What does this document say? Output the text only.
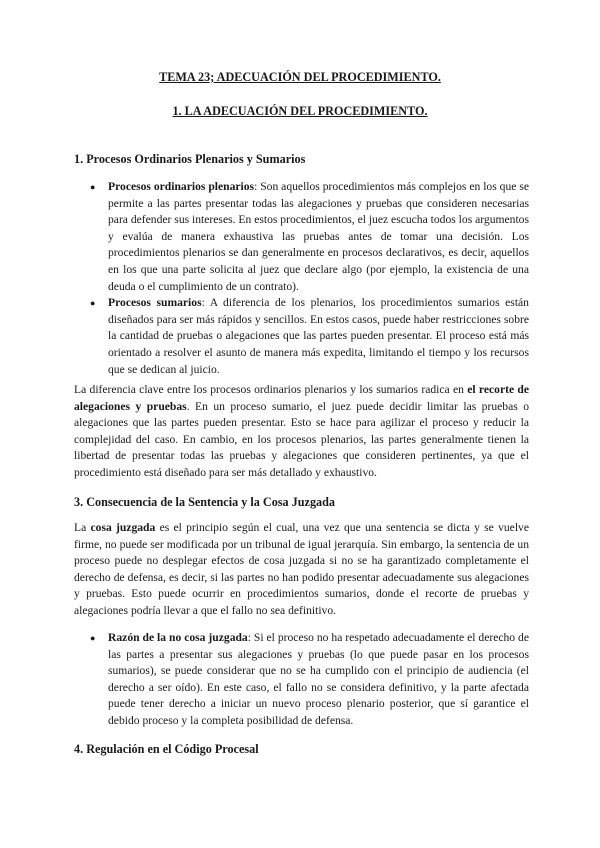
TEMA 23; ADECUACIÓN DEL PROCEDIMIENTO.
1. LA ADECUACIÓN DEL PROCEDIMIENTO.
1. Procesos Ordinarios Plenarios y Sumarios
● Procesos ordinarios plenarios: Son aquellos procedimientos más complejos en los que se permite a las partes presentar todas las alegaciones y pruebas que consideren necesarias para defender sus intereses. En estos procedimientos, el juez escucha todos los argumentos y evalúa de manera exhaustiva las pruebas antes de tomar una decisión. Los procedimientos plenarios se dan generalmente en procesos declarativos, es decir, aquellos en los que una parte solicita al juez que declare algo (por ejemplo, la existencia de una deuda o el cumplimiento de un contrato).
● Procesos sumarios: A diferencia de los plenarios, los procedimientos sumarios están diseñados para ser más rápidos y sencillos. En estos casos, puede haber restricciones sobre la cantidad de pruebas o alegaciones que las partes pueden presentar. El proceso está más orientado a resolver el asunto de manera más expedita, limitando el tiempo y los recursos que se dedican al juicio.

La diferencia clave entre los procesos ordinarios plenarios y los sumarios radica en el recorte de alegaciones y pruebas. En un proceso sumario, el juez puede decidir limitar las pruebas o alegaciones que las partes pueden presentar. Esto se hace para agilizar el proceso y reducir la complejidad del caso. En cambio, en los procesos plenarios, las partes generalmente tienen la libertad de presentar todas las pruebas y alegaciones que consideren pertinentes, ya que el procedimiento está diseñado para ser más detallado y exhaustivo.

3. Consecuencia de la Sentencia y la Cosa Juzgada

La cosa juzgada es el principio según el cual, una vez que una sentencia se dicta y se vuelve firme, no puede ser modificada por un tribunal de igual jerarquía. Sin embargo, la sentencia de un proceso puede no desplegar efectos de cosa juzgada si no se ha garantizado completamente el derecho de defensa, es decir, si las partes no han podido presentar adecuadamente sus alegaciones y pruebas. Esto puede ocurrir en procedimientos sumarios, donde el recorte de pruebas y alegaciones podría llevar a que el fallo no sea definitivo.

● Razón de la no cosa juzgada: Si el proceso no ha respetado adecuadamente el derecho de las partes a presentar sus alegaciones y pruebas (lo que puede pasar en los procesos sumarios), se puede considerar que no se ha cumplido con el principio de audiencia (el derecho a ser oído). En este caso, el fallo no se considera definitivo, y la parte afectada puede tener derecho a iniciar un nuevo proceso plenario posterior, que sí garantice el debido proceso y la completa posibilidad de defensa.
4. Regulación en el Código Procesal
